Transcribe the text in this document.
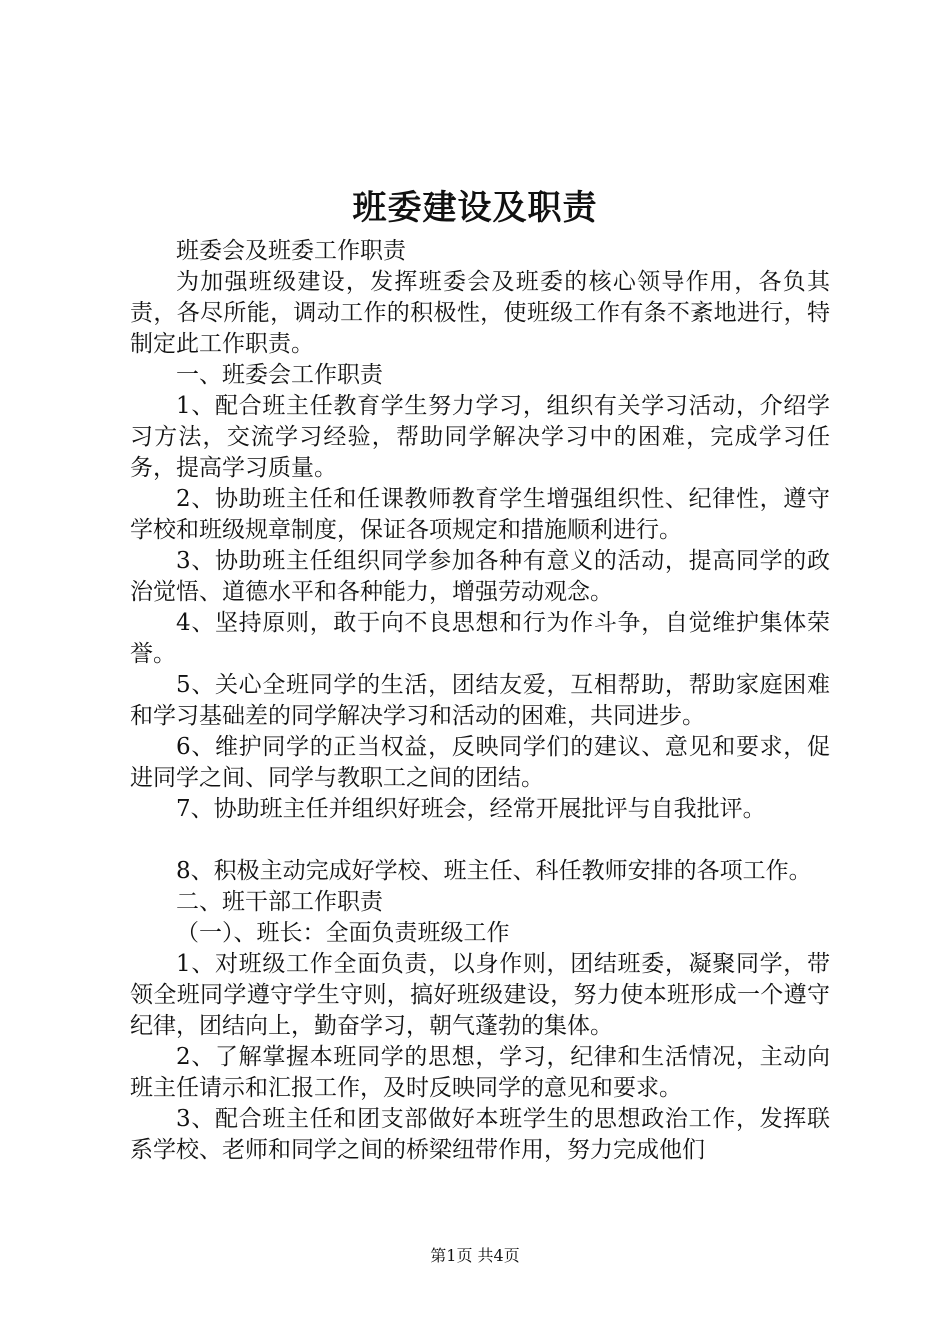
班委建设及职责

班委会及班委工作职责

为加强班级建设，发挥班委会及班委的核心领导作用，各负其责，各尽所能，调动工作的积极性，使班级工作有条不紊地进行，特制定此工作职责。

一、班委会工作职责

1、配合班主任教育学生努力学习，组织有关学习活动，介绍学习方法，交流学习经验，帮助同学解决学习中的困难，完成学习任务，提高学习质量。

2、协助班主任和任课教师教育学生增强组织性、纪律性，遵守学校和班级规章制度，保证各项规定和措施顺利进行。

3、协助班主任组织同学参加各种有意义的活动，提高同学的政治觉悟、道德水平和各种能力，增强劳动观念。

4、坚持原则，敢于向不良思想和行为作斗争，自觉维护集体荣誉。

5、关心全班同学的生活，团结友爱，互相帮助，帮助家庭困难和学习基础差的同学解决学习和活动的困难，共同进步。

6、维护同学的正当权益，反映同学们的建议、意见和要求，促进同学之间、同学与教职工之间的团结。

7、协助班主任并组织好班会，经常开展批评与自我批评。

8、积极主动完成好学校、班主任、科任教师安排的各项工作。

二、班干部工作职责

（一）、班长：全面负责班级工作

1、对班级工作全面负责，以身作则，团结班委，凝聚同学，带领全班同学遵守学生守则，搞好班级建设，努力使本班形成一个遵守纪律，团结向上，勤奋学习，朝气蓬勃的集体。

2、了解掌握本班同学的思想，学习，纪律和生活情况，主动向班主任请示和汇报工作，及时反映同学的意见和要求。

3、配合班主任和团支部做好本班学生的思想政治工作，发挥联系学校、老师和同学之间的桥梁纽带作用，努力完成他们

第1页 共4页
